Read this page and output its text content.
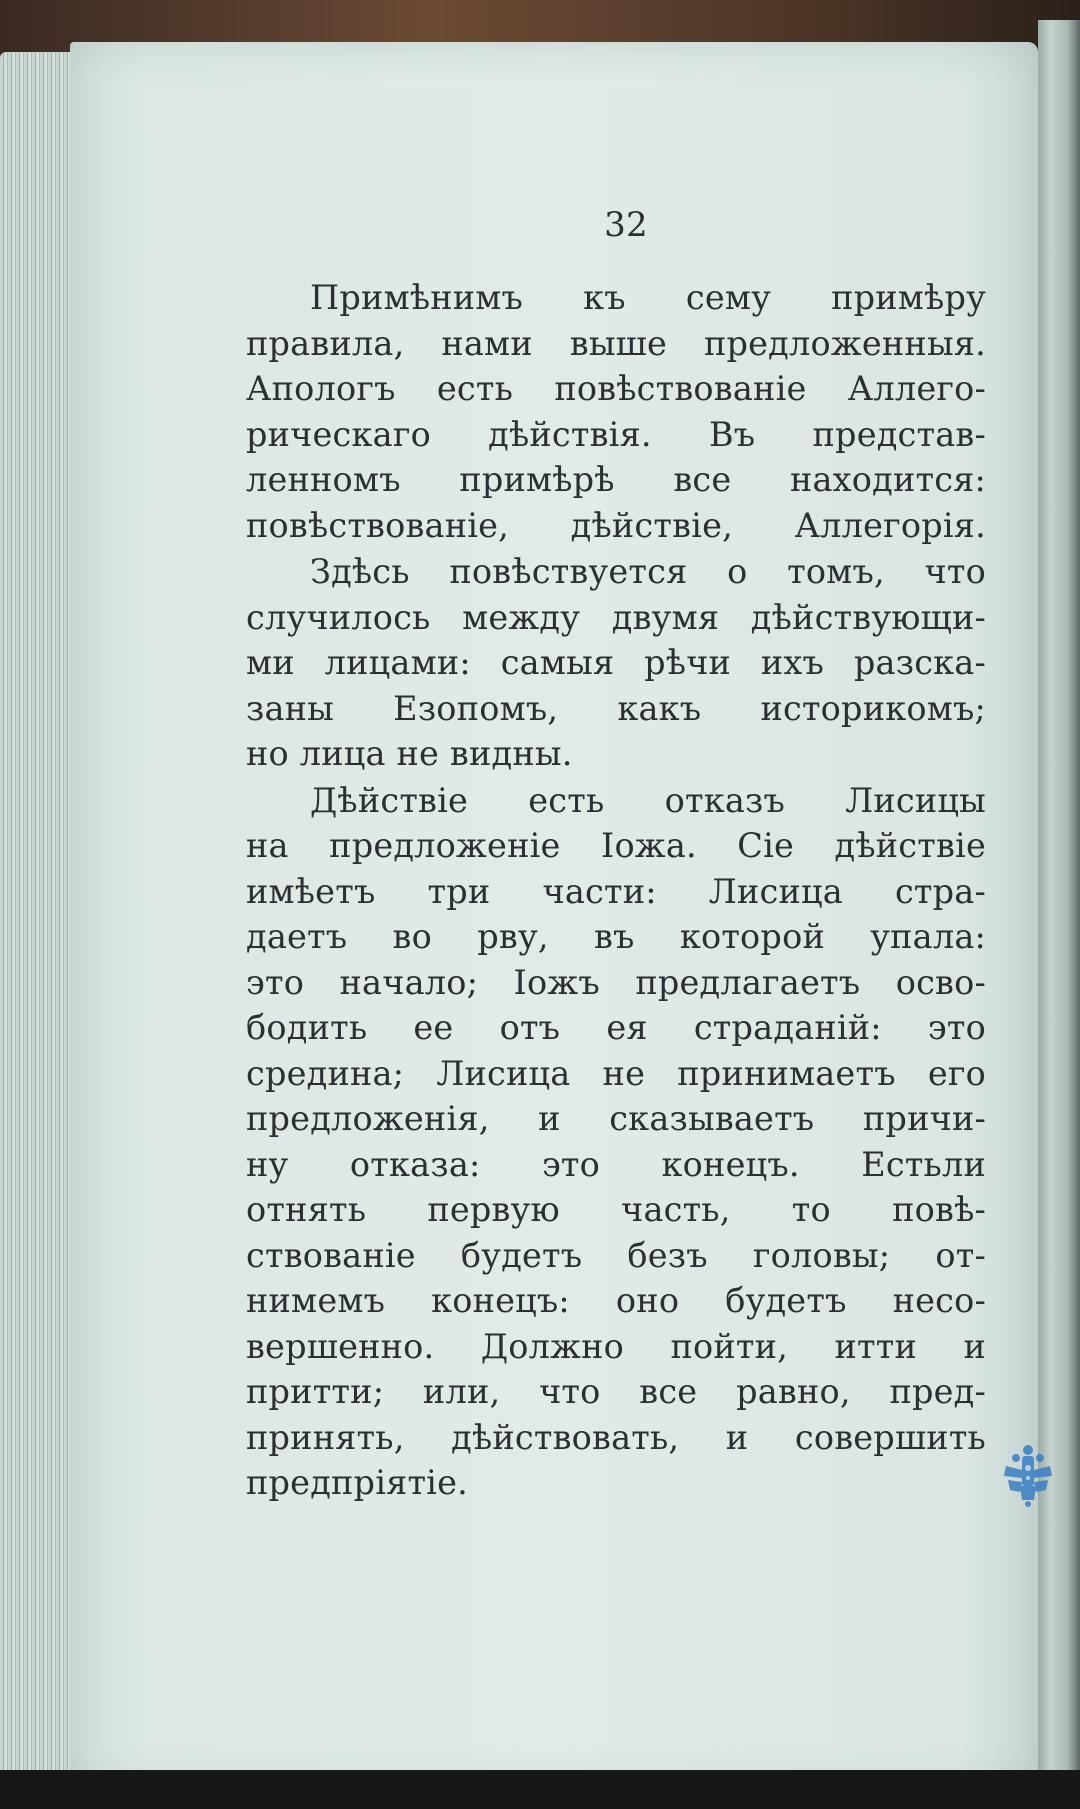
32
Примѣнимъ къ сему примѣру
правила, нами выше предложенныя.
Апологъ есть повѣствованіе Аллего-
рическаго дѣйствія. Въ представ-
ленномъ примѣрѣ все находится:
повѣствованіе, дѣйствіе, Аллегорія.
Здѣсь повѣствуется о томъ, что
случилось между двумя дѣйствующи-
ми лицами: самыя рѣчи ихъ разска-
заны Езопомъ, какъ историкомъ;
но лица не видны.
Дѣйствіе есть отказъ Лисицы
на предложеніе Іожа. Сіе дѣйствіе
имѣетъ три части: Лисица стра-
даетъ во рву, въ которой упала:
это начало; Іожъ предлагаетъ осво-
бодить ее отъ ея страданій: это
средина; Лисица не принимаетъ его
предложенія, и сказываетъ причи-
ну отказа: это конецъ. Естьли
отнять первую часть, то повѣ-
ствованіе будетъ безъ головы; от-
нимемъ конецъ: оно будетъ несо-
вершенно. Должно пойти, итти и
притти; или, что все равно, пред-
принять, дѣйствовать, и совершить
предпріятіе.
